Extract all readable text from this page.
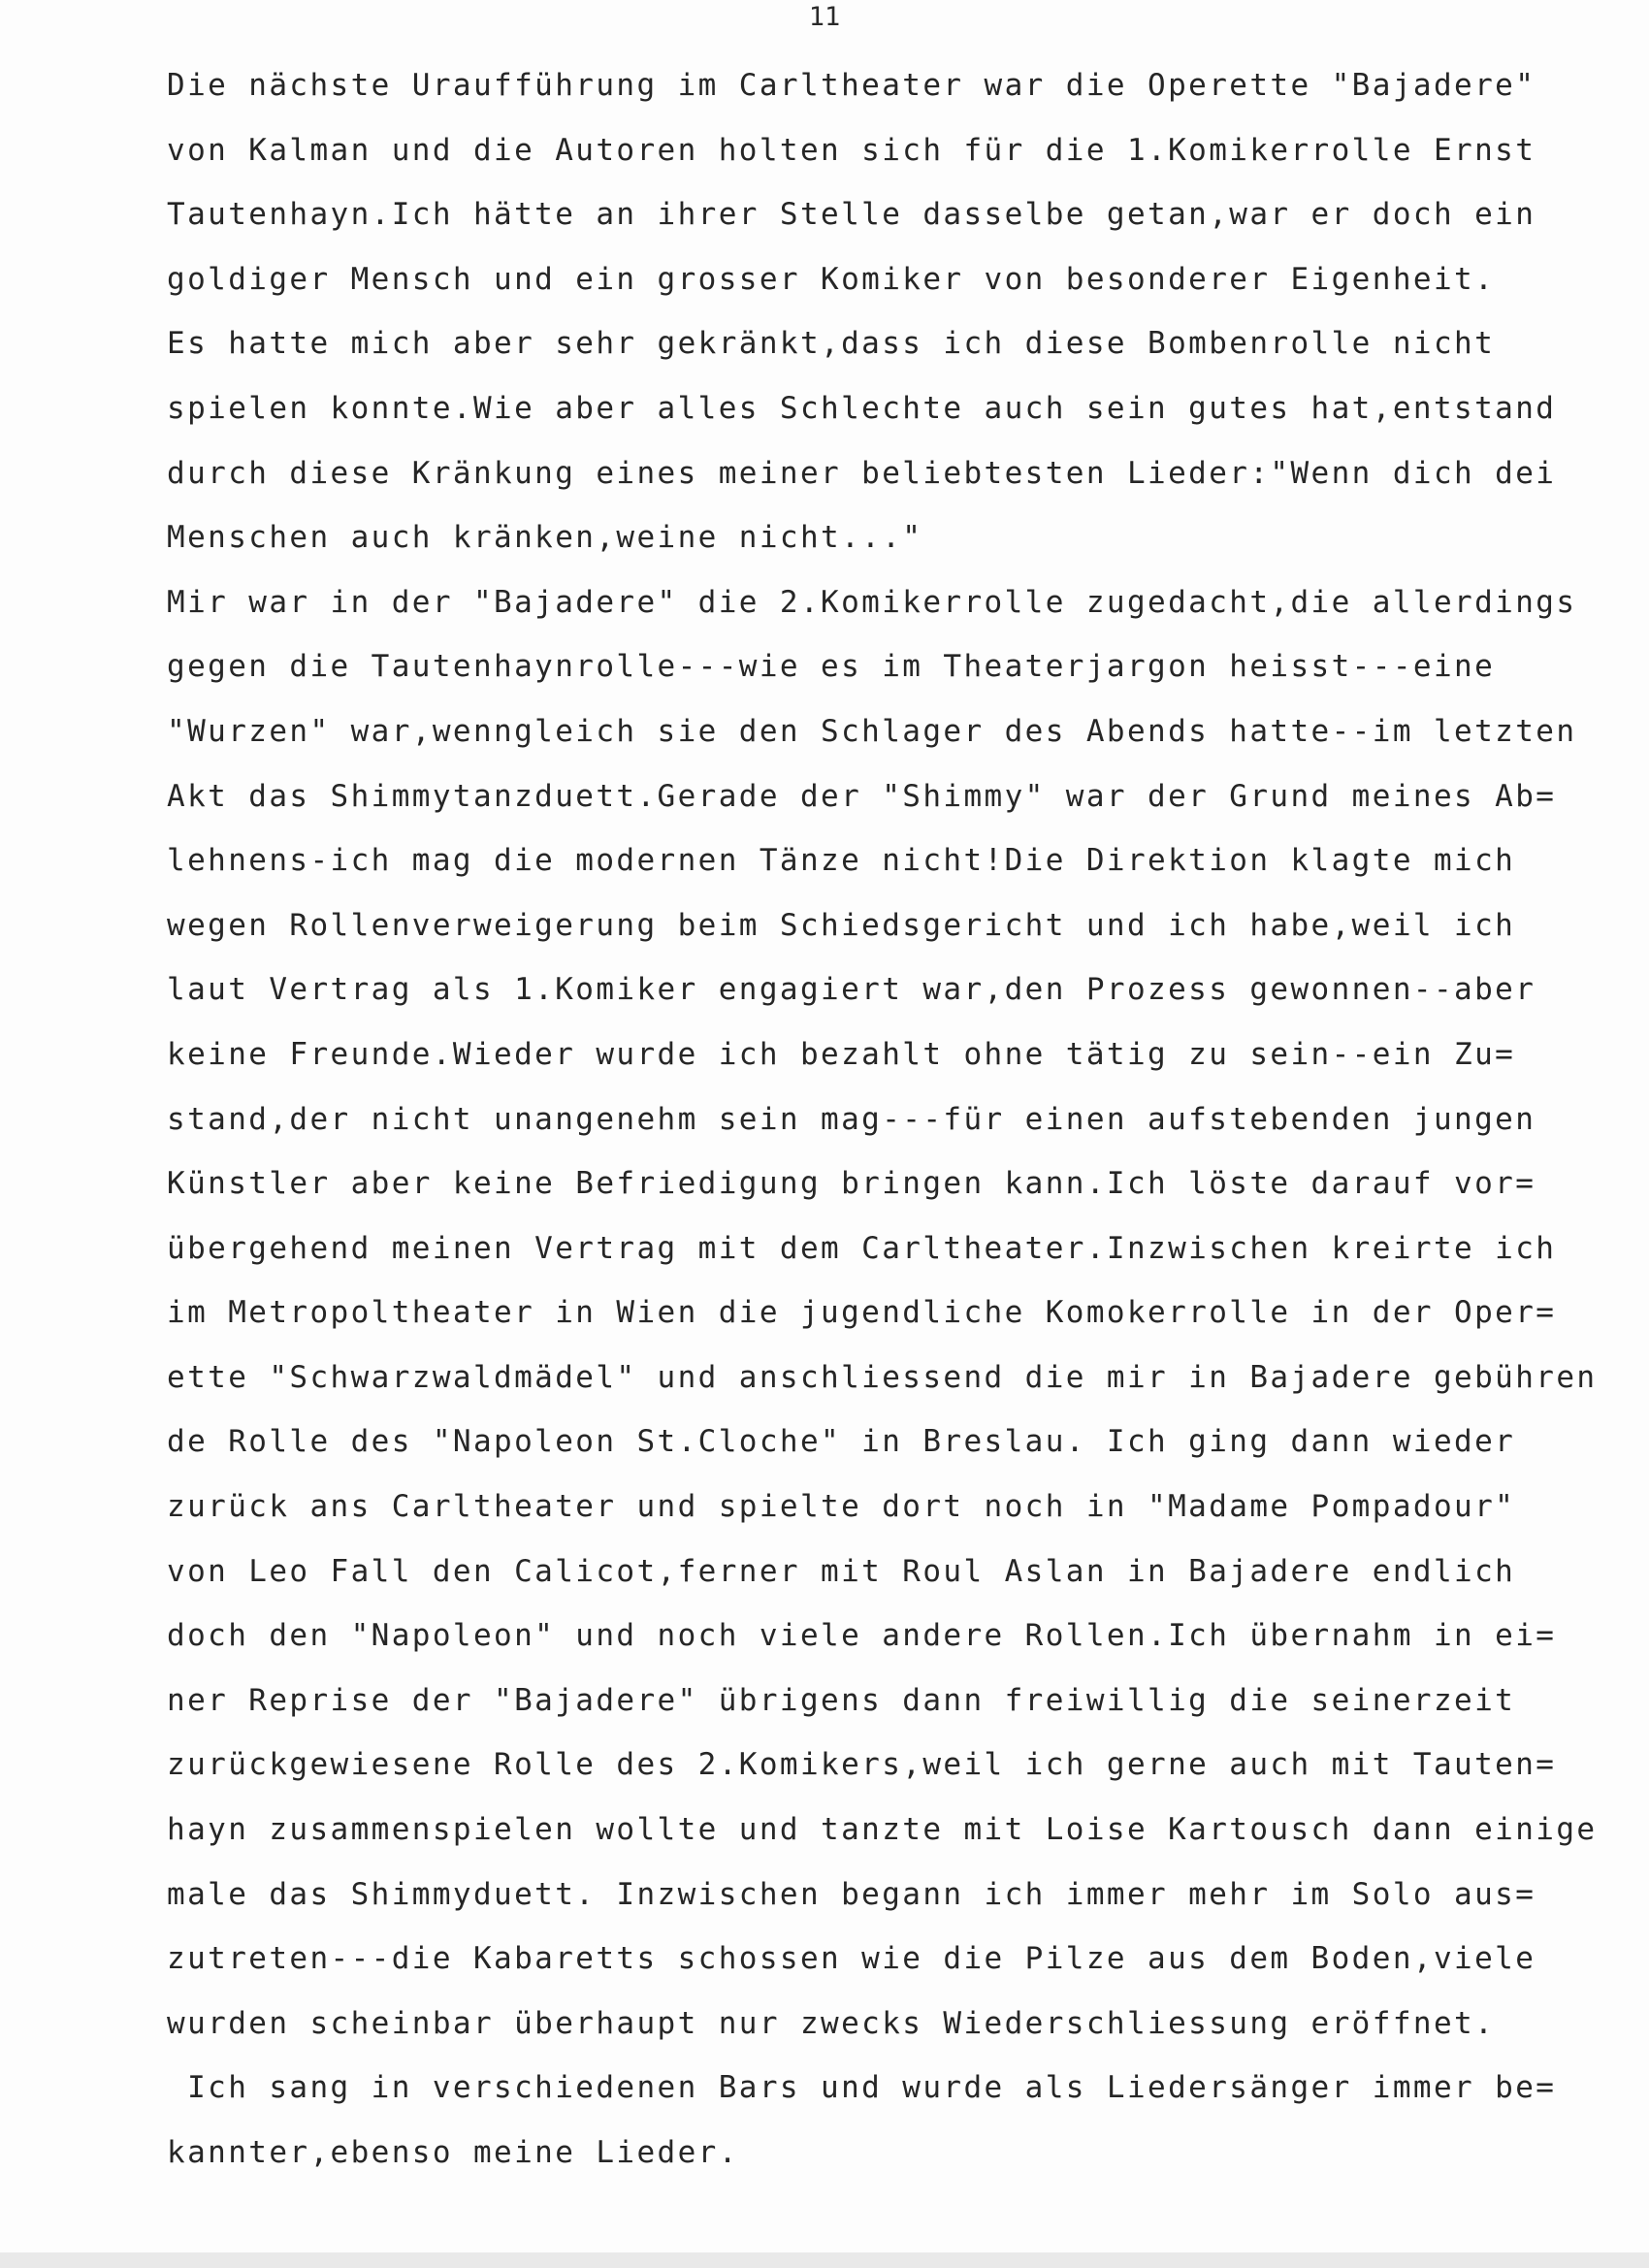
11
Die nächste Uraufführung im Carltheater war die Operette "Bajadere"
von Kalman und die Autoren holten sich für die 1.Komikerrolle Ernst
Tautenhayn.Ich hätte an ihrer Stelle dasselbe getan,war er doch ein
goldiger Mensch und ein grosser Komiker von besonderer Eigenheit.
Es hatte mich aber sehr gekränkt,dass ich diese Bombenrolle nicht
spielen konnte.Wie aber alles Schlechte auch sein gutes hat,entstand
durch diese Kränkung eines meiner beliebtesten Lieder:"Wenn dich dei
Menschen auch kränken,weine nicht..."
Mir war in der "Bajadere" die 2.Komikerrolle zugedacht,die allerdings
gegen die Tautenhaynrolle---wie es im Theaterjargon heisst---eine
"Wurzen" war,wenngleich sie den Schlager des Abends hatte--im letzten
Akt das Shimmytanzduett.Gerade der "Shimmy" war der Grund meines Ab=
lehnens-ich mag die modernen Tänze nicht!Die Direktion klagte mich
wegen Rollenverweigerung beim Schiedsgericht und ich habe,weil ich
laut Vertrag als 1.Komiker engagiert war,den Prozess gewonnen--aber
keine Freunde.Wieder wurde ich bezahlt ohne tätig zu sein--ein Zu=
stand,der nicht unangenehm sein mag---für einen aufstebenden jungen
Künstler aber keine Befriedigung bringen kann.Ich löste darauf vor=
übergehend meinen Vertrag mit dem Carltheater.Inzwischen kreirte ich
im Metropoltheater in Wien die jugendliche Komokerrolle in der Oper=
ette "Schwarzwaldmädel" und anschliessend die mir in Bajadere gebühren
de Rolle des "Napoleon St.Cloche" in Breslau. Ich ging dann wieder
zurück ans Carltheater und spielte dort noch in "Madame Pompadour"
von Leo Fall den Calicot,ferner mit Roul Aslan in Bajadere endlich
doch den "Napoleon" und noch viele andere Rollen.Ich übernahm in ei=
ner Reprise der "Bajadere" übrigens dann freiwillig die seinerzeit
zurückgewiesene Rolle des 2.Komikers,weil ich gerne auch mit Tauten=
hayn zusammenspielen wollte und tanzte mit Loise Kartousch dann einige
male das Shimmyduett. Inzwischen begann ich immer mehr im Solo aus=
zutreten---die Kabaretts schossen wie die Pilze aus dem Boden,viele
wurden scheinbar überhaupt nur zwecks Wiederschliessung eröffnet.
Ich sang in verschiedenen Bars und wurde als Liedersänger immer be=
kannter,ebenso meine Lieder.
